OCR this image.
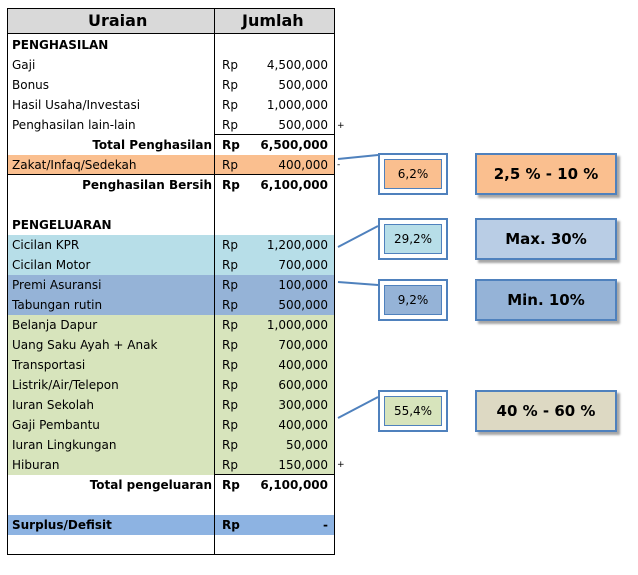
Uraian	Jumlah
PENGHASILAN
Gaji	Rp 4,500,000
Bonus	Rp	500,000
Hasil Usaha/Investasi	Rp 1,000,000
Penghasilan lain-lain	Rp	500,000
Total Penghasilan Rp 6,500,000
Zakat/Infaq/Sedekah	Rp	400,000
Penghasilan Bersih Rp 6,100,000
PENGELUARAN
Cicilan KPR	Rp 1,200,000
Cicilan Motor	Rp	700,000
Premi Asuransi	Rp	100,000
Tabungan rutin	Rp	500,000
Belanja Dapur	Rp 1,000,000
Uang Saku Ayah + Anak	Rp	700,000
Transportasi	Rp	400,000
Listrik/Air/Telepon	Rp	600,000
Iuran Sekolah	Rp	300,000
Gaji Pembantu	Rp	400,000
Iuran Lingkungan	Rp	50,000
Hiburan	Rp	150,000
Total pengeluaran Rp 6,100,000
Surplus/Defisit	Rp	-
+
-
+
6,2%
29,2%
9,2%
55,4%
2,5 % - 10 %
Max. 30%
Min. 10%
40 % - 60 %
